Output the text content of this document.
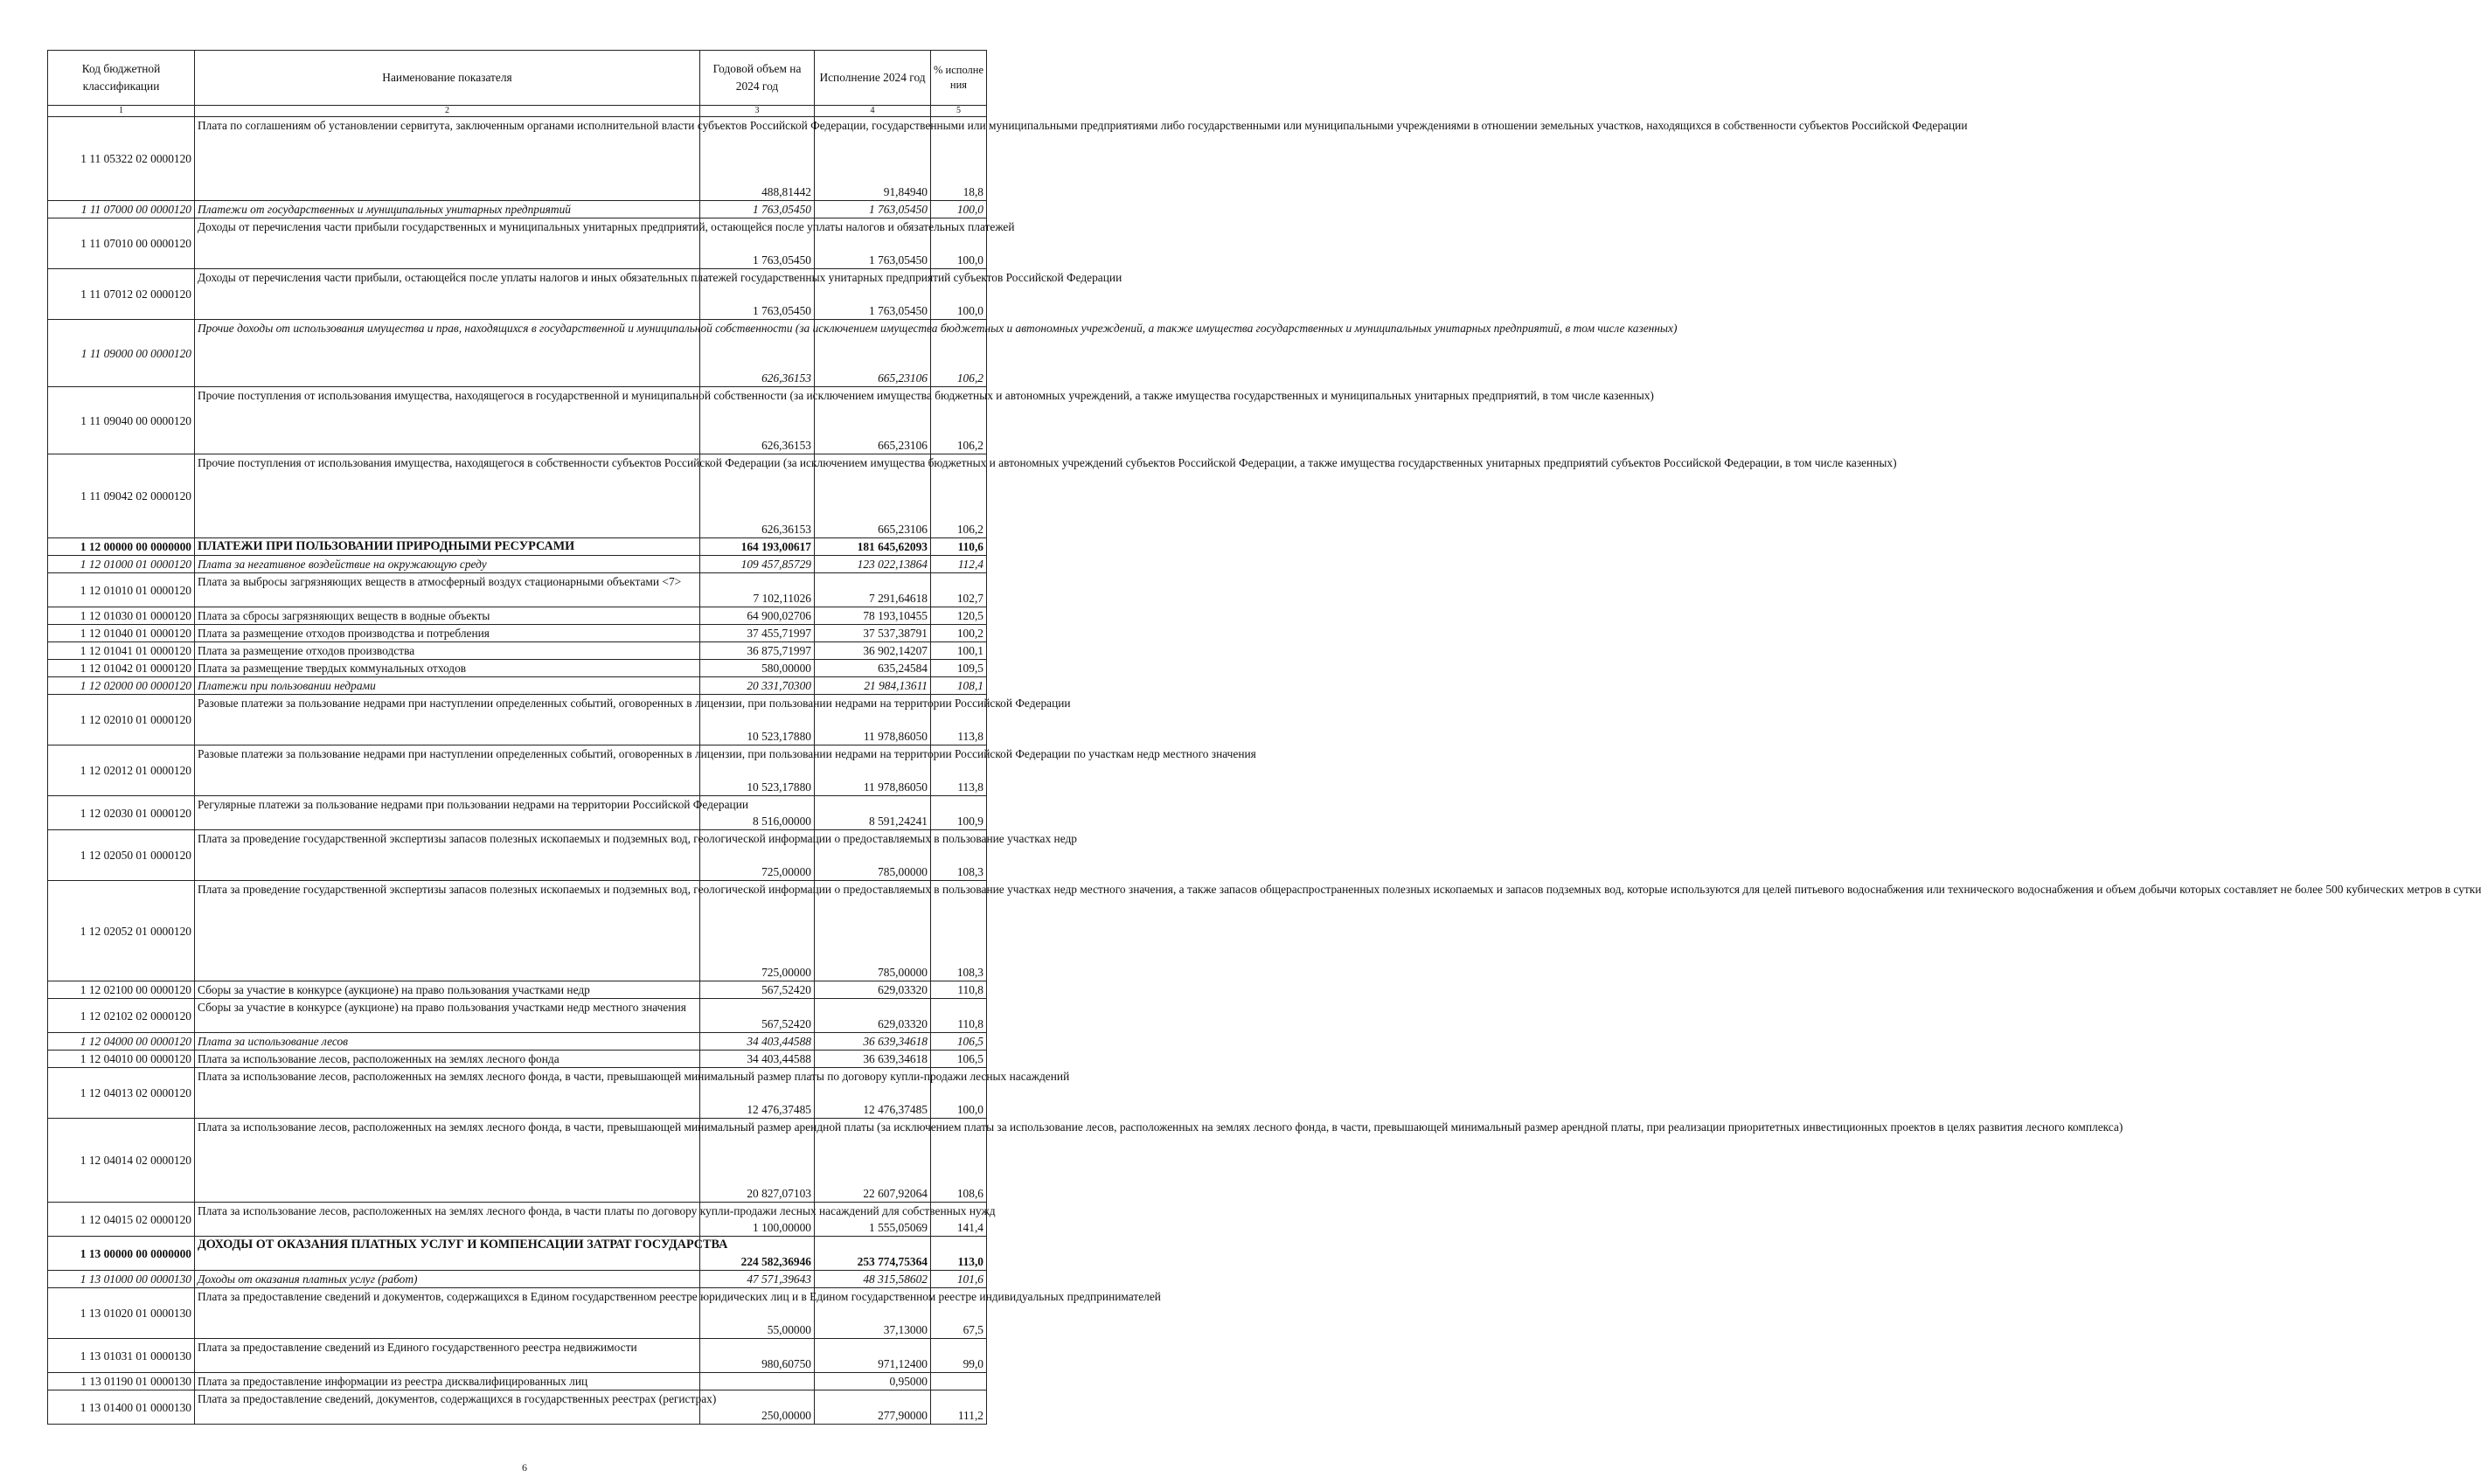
Код бюджетной классификации	Наименование показателя	Годовой объем на 2024 год	Исполнение 2024 год	% исполне ния
1	2	3	4	5
1 11 05322 02 0000120	Плата по соглашениям об установлении сервитута, заключенным органами исполнительной власти субъектов Российской Федерации, государственными или муниципальными предприятиями либо государственными или муниципальными учреждениями в отношении земельных участков, находящихся в собственности субъектов Российской Федерации	488,81442	91,84940	18,8
1 11 07000 00 0000120	Платежи от государственных и муниципальных унитарных предприятий	1 763,05450	1 763,05450	100,0
1 11 07010 00 0000120	Доходы от перечисления части прибыли государственных и муниципальных унитарных предприятий, остающейся после уплаты налогов и обязательных платежей	1 763,05450	1 763,05450	100,0
1 11 07012 02 0000120	Доходы от перечисления части прибыли, остающейся после уплаты налогов и иных обязательных платежей государственных унитарных предприятий субъектов Российской Федерации	1 763,05450	1 763,05450	100,0
1 11 09000 00 0000120	Прочие доходы от использования имущества и прав, находящихся в государственной и муниципальной собственности (за исключением имущества бюджетных и автономных учреждений, а также имущества государственных и муниципальных унитарных предприятий, в том числе казенных)	626,36153	665,23106	106,2
1 11 09040 00 0000120	Прочие поступления от использования имущества, находящегося в государственной и муниципальной собственности (за исключением имущества бюджетных и автономных учреждений, а также имущества государственных и муниципальных унитарных предприятий, в том числе казенных)	626,36153	665,23106	106,2
1 11 09042 02 0000120	Прочие поступления от использования имущества, находящегося в собственности субъектов Российской Федерации (за исключением имущества бюджетных и автономных учреждений субъектов Российской Федерации, а также имущества государственных унитарных предприятий субъектов Российской Федерации, в том числе казенных)	626,36153	665,23106	106,2
1 12 00000 00 0000000	ПЛАТЕЖИ ПРИ ПОЛЬЗОВАНИИ ПРИРОДНЫМИ РЕСУРСАМИ	164 193,00617	181 645,62093	110,6
1 12 01000 01 0000120	Плата за негативное воздействие на окружающую среду	109 457,85729	123 022,13864	112,4
1 12 01010 01 0000120	Плата за выбросы загрязняющих веществ в атмосферный воздух стационарными объектами <7>	7 102,11026	7 291,64618	102,7
1 12 01030 01 0000120	Плата за сбросы загрязняющих веществ в водные объекты	64 900,02706	78 193,10455	120,5
1 12 01040 01 0000120	Плата за размещение отходов производства и потребления	37 455,71997	37 537,38791	100,2
1 12 01041 01 0000120	Плата за размещение отходов производства	36 875,71997	36 902,14207	100,1
1 12 01042 01 0000120	Плата за размещение твердых коммунальных отходов	580,00000	635,24584	109,5
1 12 02000 00 0000120	Платежи при пользовании недрами	20 331,70300	21 984,13611	108,1
1 12 02010 01 0000120	Разовые платежи за пользование недрами при наступлении определенных событий, оговоренных в лицензии, при пользовании недрами на территории Российской Федерации	10 523,17880	11 978,86050	113,8
1 12 02012 01 0000120	Разовые платежи за пользование недрами при наступлении определенных событий, оговоренных в лицензии, при пользовании недрами на территории Российской Федерации по участкам недр местного значения	10 523,17880	11 978,86050	113,8
1 12 02030 01 0000120	Регулярные платежи за пользование недрами при пользовании недрами на территории Российской Федерации	8 516,00000	8 591,24241	100,9
1 12 02050 01 0000120	Плата за проведение государственной экспертизы запасов полезных ископаемых и подземных вод, геологической информации о предоставляемых в пользование участках недр	725,00000	785,00000	108,3
1 12 02052 01 0000120	Плата за проведение государственной экспертизы запасов полезных ископаемых и подземных вод, геологической информации о предоставляемых в пользование участках недр местного значения, а также запасов общераспространенных полезных ископаемых и запасов подземных вод, которые используются для целей питьевого водоснабжения или технического водоснабжения и объем добычи которых составляет не более 500 кубических метров в сутки	725,00000	785,00000	108,3
1 12 02100 00 0000120	Сборы за участие в конкурсе (аукционе) на право пользования участками недр	567,52420	629,03320	110,8
1 12 02102 02 0000120	Сборы за участие в конкурсе (аукционе) на право пользования участками недр местного значения	567,52420	629,03320	110,8
1 12 04000 00 0000120	Плата за использование лесов	34 403,44588	36 639,34618	106,5
1 12 04010 00 0000120	Плата за использование лесов, расположенных на землях лесного фонда	34 403,44588	36 639,34618	106,5
1 12 04013 02 0000120	Плата за использование лесов, расположенных на землях лесного фонда, в части, превышающей минимальный размер платы по договору купли-продажи лесных насаждений	12 476,37485	12 476,37485	100,0
1 12 04014 02 0000120	Плата за использование лесов, расположенных на землях лесного фонда, в части, превышающей минимальный размер арендной платы (за исключением платы за использование лесов, расположенных на землях лесного фонда, в части, превышающей минимальный размер арендной платы, при реализации приоритетных инвестиционных проектов в целях развития лесного комплекса)	20 827,07103	22 607,92064	108,6
1 12 04015 02 0000120	Плата за использование лесов, расположенных на землях лесного фонда, в части платы по договору купли-продажи лесных насаждений для собственных нужд	1 100,00000	1 555,05069	141,4
1 13 00000 00 0000000	ДОХОДЫ ОТ ОКАЗАНИЯ ПЛАТНЫХ УСЛУГ И КОМПЕНСАЦИИ ЗАТРАТ ГОСУДАРСТВА	224 582,36946	253 774,75364	113,0
1 13 01000 00 0000130	Доходы от оказания платных услуг (работ)	47 571,39643	48 315,58602	101,6
1 13 01020 01 0000130	Плата за предоставление сведений и документов, содержащихся в Едином государственном реестре юридических лиц и в Едином государственном реестре индивидуальных предпринимателей	55,00000	37,13000	67,5
1 13 01031 01 0000130	Плата за предоставление сведений из Единого государственного реестра недвижимости	980,60750	971,12400	99,0
1 13 01190 01 0000130	Плата за предоставление информации из реестра дисквалифицированных лиц		0,95000	
1 13 01400 01 0000130	Плата за предоставление сведений, документов, содержащихся в государственных реестрах (регистрах)	250,00000	277,90000	111,2
6
